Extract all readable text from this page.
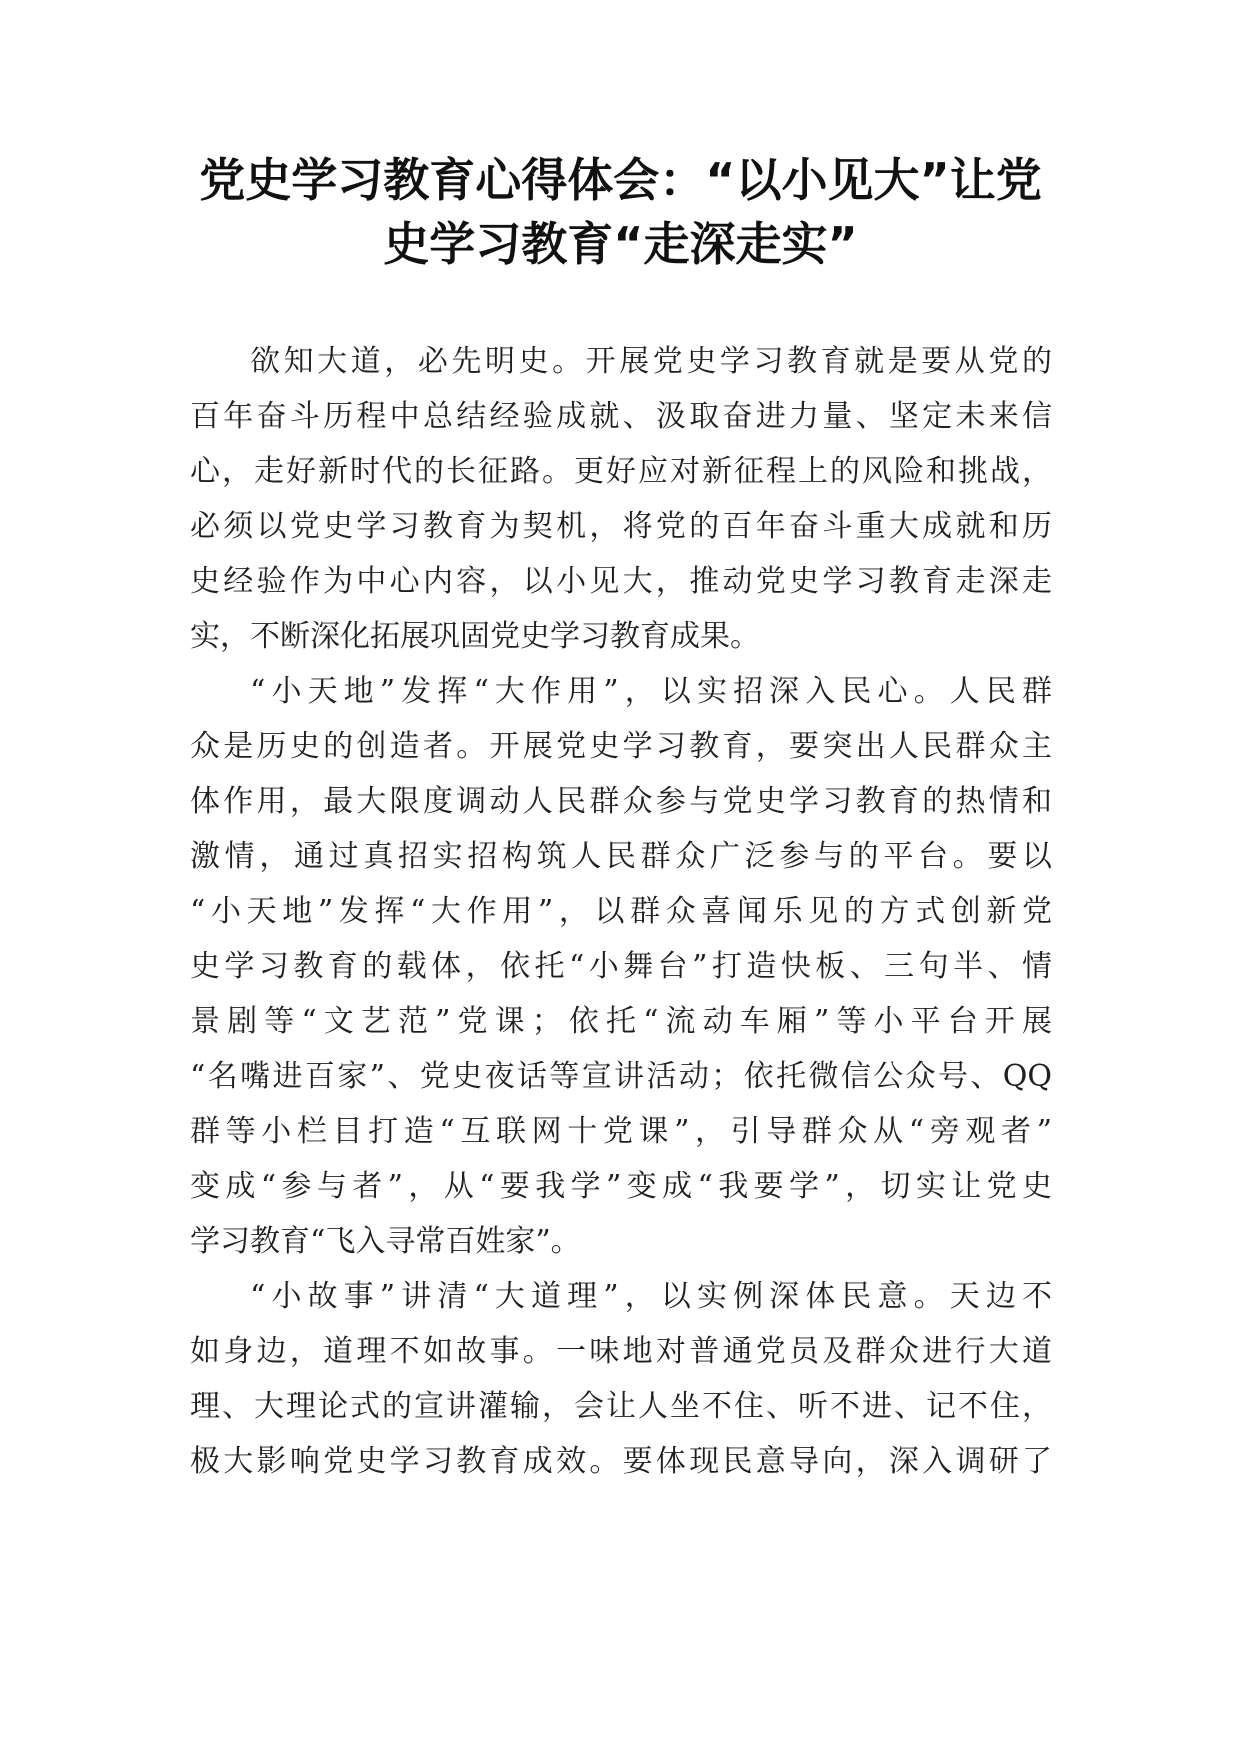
党史学习教育心得体会：“以小见大”让党
史学习教育“走深走实”
欲知大道，必先明史。开展党史学习教育就是要从党的
百年奋斗历程中总结经验成就、汲取奋进力量、坚定未来信
心，走好新时代的长征路。更好应对新征程上的风险和挑战，
必须以党史学习教育为契机，将党的百年奋斗重大成就和历
史经验作为中心内容，以小见大，推动党史学习教育走深走
实，不断深化拓展巩固党史学习教育成果。
“小天地”发挥“大作用”，以实招深入民心。人民群
众是历史的创造者。开展党史学习教育，要突出人民群众主
体作用，最大限度调动人民群众参与党史学习教育的热情和
激情，通过真招实招构筑人民群众广泛参与的平台。要以
“小天地”发挥“大作用”，以群众喜闻乐见的方式创新党
史学习教育的载体，依托“小舞台”打造快板、三句半、情
景剧等“文艺范”党课；依托“流动车厢”等小平台开展
“名嘴进百家”、党史夜话等宣讲活动；依托微信公众号、QQ
群等小栏目打造“互联网十党课”，引导群众从“旁观者”
变成“参与者”，从“要我学”变成“我要学”，切实让党史
学习教育“飞入寻常百姓家”。
“小故事”讲清“大道理”，以实例深体民意。天边不
如身边，道理不如故事。一味地对普通党员及群众进行大道
理、大理论式的宣讲灌输，会让人坐不住、听不进、记不住，
极大影响党史学习教育成效。要体现民意导向，深入调研了
